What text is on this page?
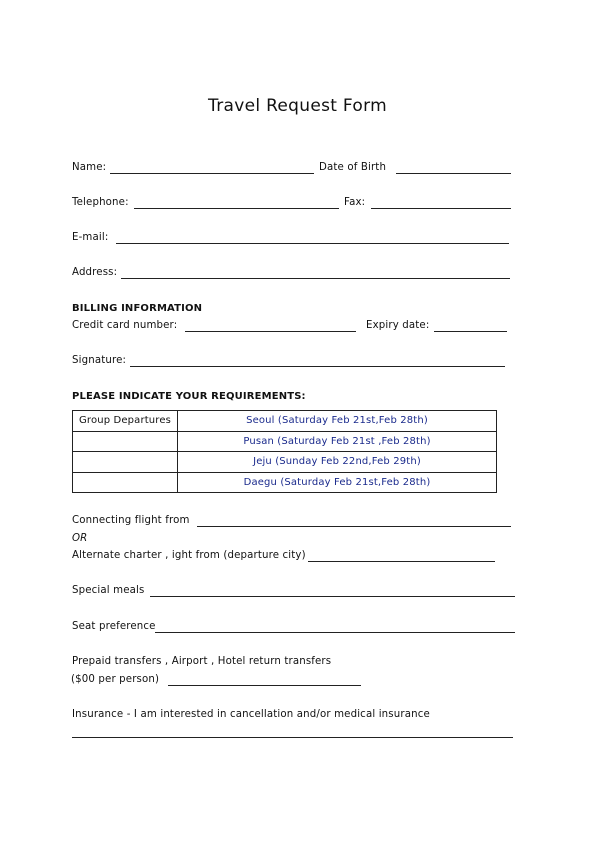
Travel Request Form
Name:	Date of Birth
Telephone:	Fax:
E-mail:
Address:
BILLING INFORMATION
Credit card number:	Expiry date:
Signature:
PLEASE INDICATE YOUR REQUIREMENTS:
Group Departures	Seoul (Saturday Feb 21st,Feb 28th)
	Pusan (Saturday Feb 21st ,Feb 28th)
	Jeju (Sunday Feb 22nd,Feb 29th)
	Daegu (Saturday Feb 21st,Feb 28th)
Connecting flight from
OR
Alternate charter , ight from (departure city)
Special meals
Seat preference
Prepaid transfers , Airport , Hotel return transfers
($00 per person)
Insurance - I am interested in cancellation and/or medical insurance
